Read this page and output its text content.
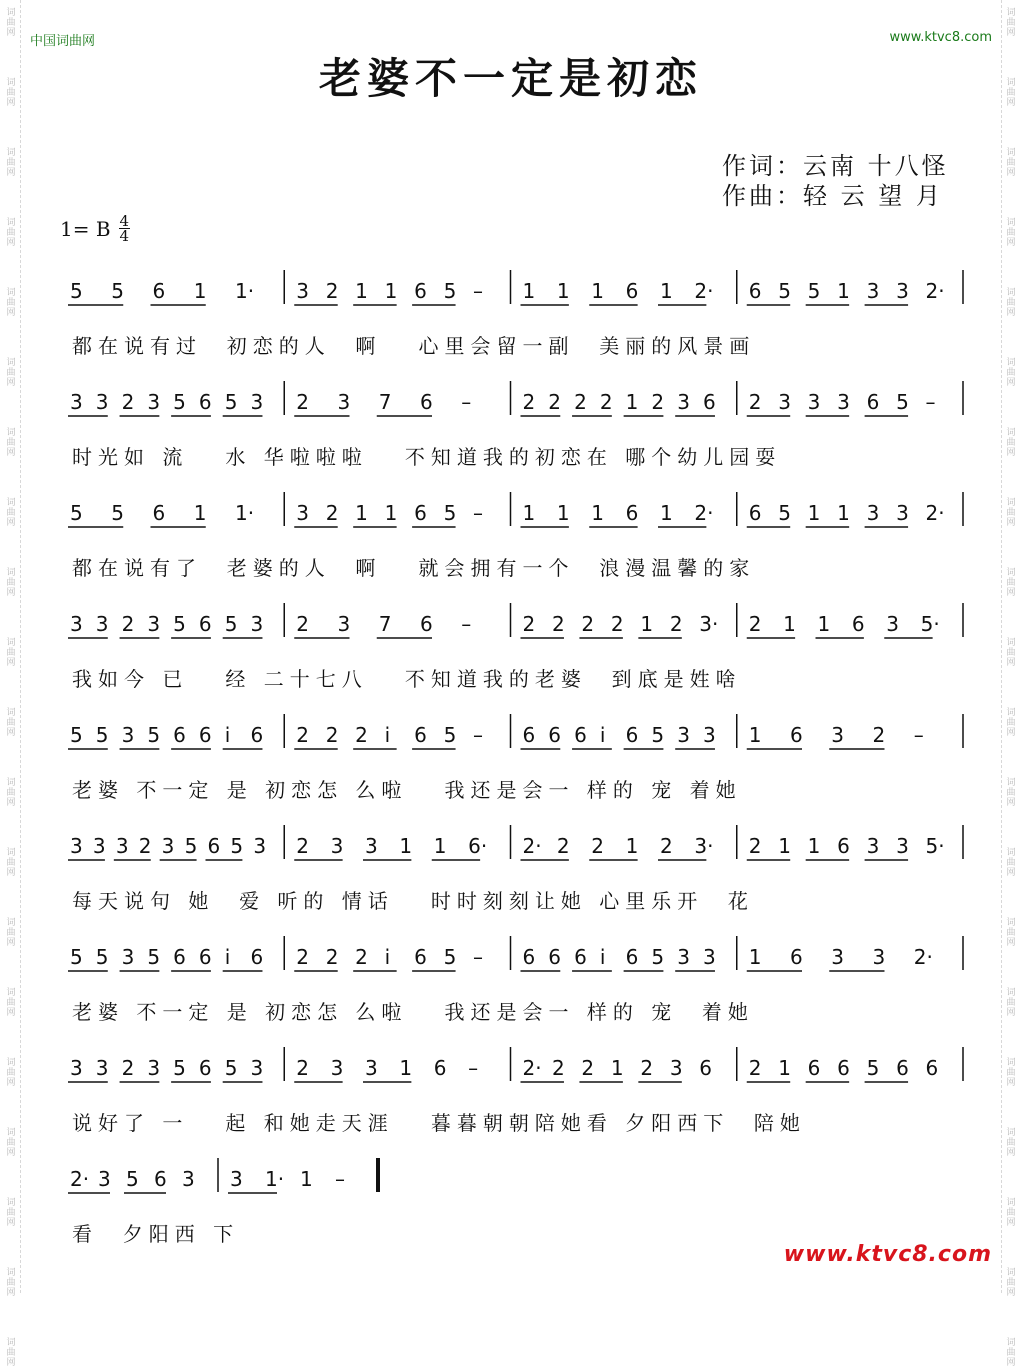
词曲网
词曲网
词曲网
词曲网
词曲网
词曲网
词曲网
词曲网
词曲网
词曲网
词曲网
词曲网
词曲网
词曲网
词曲网
词曲网
词曲网
词曲网
词曲网
词曲网
词曲网
词曲网
词曲网
词曲网
词曲网
词曲网
词曲网
词曲网
词曲网
词曲网
词曲网
词曲网
词曲网
词曲网
词曲网
词曲网
词曲网
词曲网
词曲网
词曲网
中国词曲网	www.ktvc8.com
老婆不一定是初恋
作词：云南 十八怪
作曲：轻 云 望 月
1= B $\frac{4}{4}$
5 5 6 1 1· 3 2 1 1 6 5 – 1 1 1 6 1 2· 6 5 5 1 3 3 2·
都在说有过  初恋的人  啊   心里会留一副  美丽的风景画
3 3 2 3 5 6 5 3 2 3 7 6 –	2 2 2 2 1 2 3 6 2 3 3 3 6 5 –
时光如 流   水 华啦啦啦   不知道我的初恋在 哪个幼儿园耍
5 5 6 1 1· 3 2 1 1 6 5 – 1 1 1 6 1 2· 6 5 1 1 3 3 2·
都在说有了  老婆的人  啊   就会拥有一个  浪漫温馨的家
3 3 2 3 5 6 5 3 2 3 7 6 –	2 2 2 2 1 2 3· 2 1 1 6 3 5·
我如今 已   经 二十七八   不知道我的老婆  到底是姓啥
5 5 3 5 6 6 i 6 2 2 2 i 6 5 – 6 6 6 i 6 5 3 3 1 6 3 2 –
老婆 不一定 是 初恋怎 么啦   我还是会一 样的 宠 着她
3 3 3 2 3 5 6 5 3 2 3 3 1 1 6· 2· 2 2 1 2 3· 2 1 1 6 3 3 5·
每天说句 她  爱 听的 情话   时时刻刻让她 心里乐开  花
5 5 3 5 6 6 i 6 2 2 2 i 6 5 – 6 6 6 i 6 5 3 3 1 6 3 3 2·
老婆 不一定 是 初恋怎 么啦   我还是会一 样的 宠  着她
3 3 2 3 5 6 5 3 2 3 3 1 6 – 2· 2 2 1 2 3 6 2 1 6 6 5 6 6
说好了 一   起 和她走天涯   暮暮朝朝陪她看 夕阳西下  陪她
2· 3 5 6 3 3 1· 1 –
看  夕阳西 下
www.ktvc8.com
